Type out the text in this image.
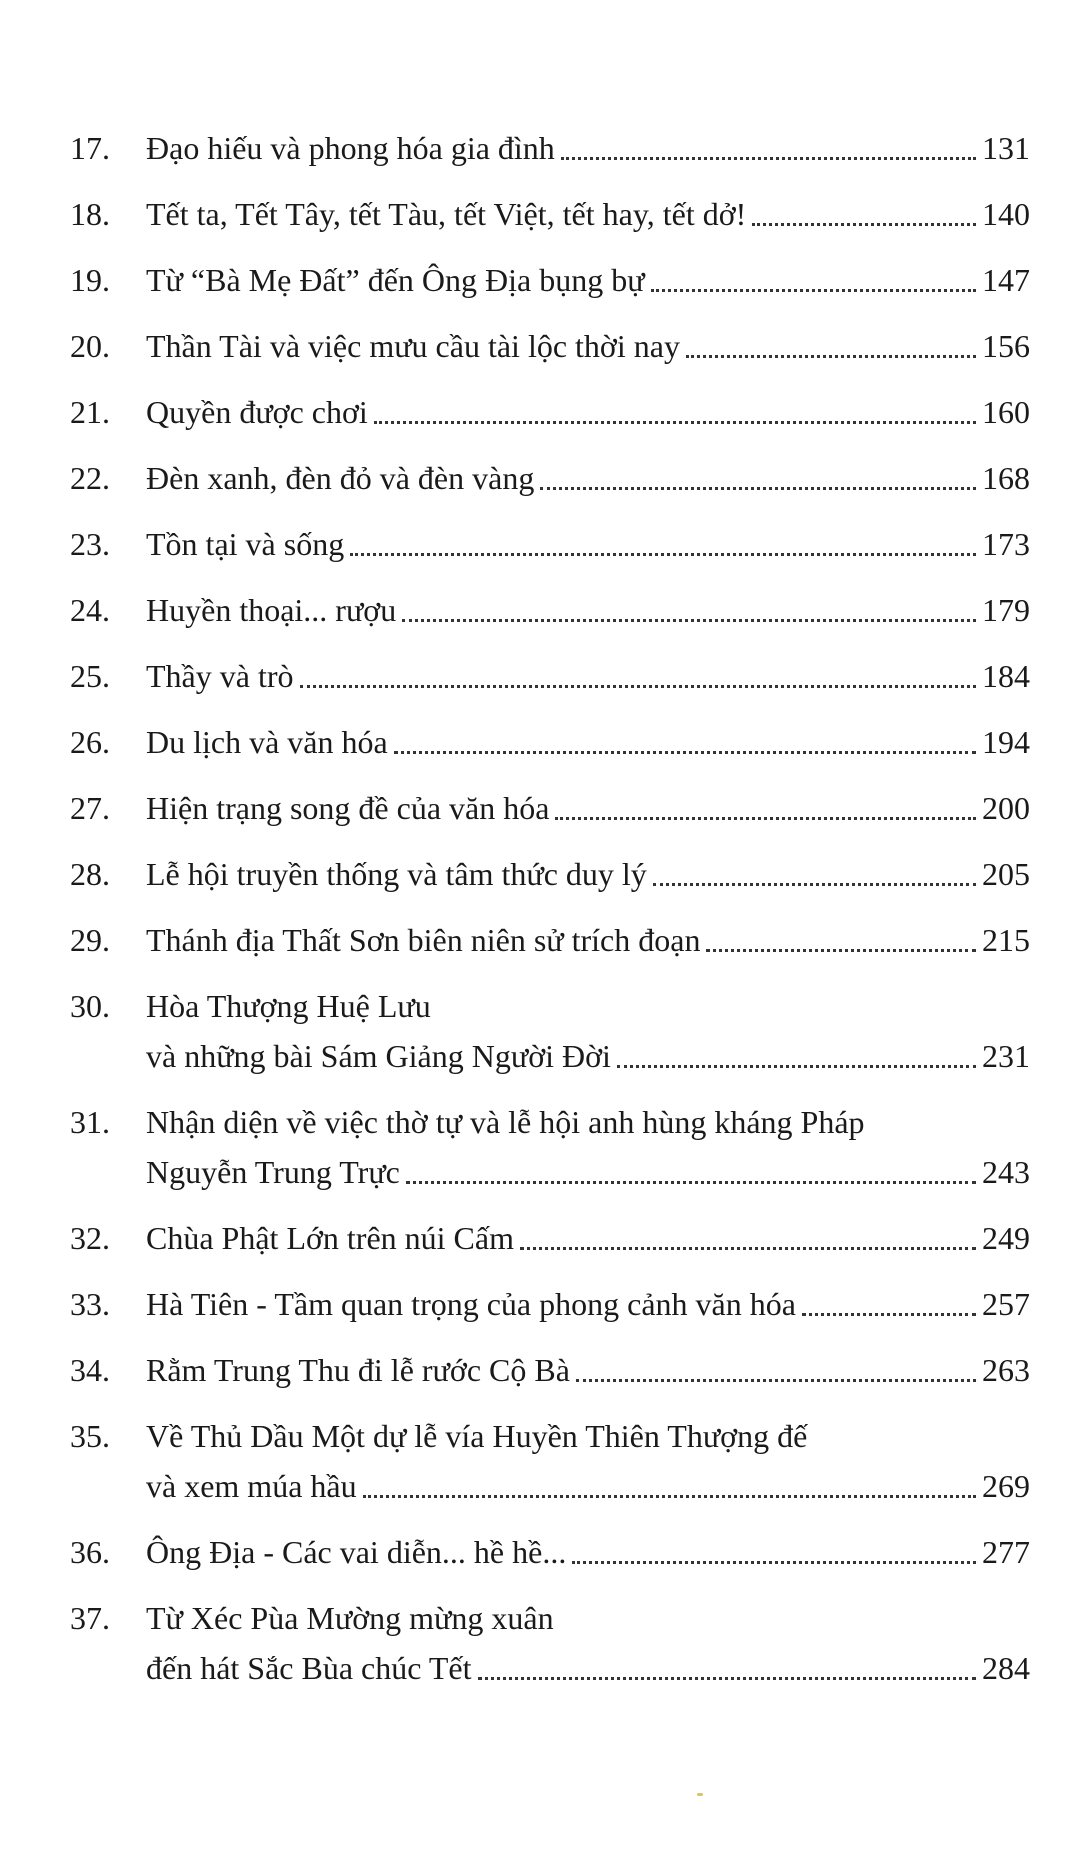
17.	Đạo hiếu và phong hóa gia đình	131
18.	Tết ta, Tết Tây, tết Tàu, tết Việt, tết hay, tết dở!	140
19.	Từ “Bà Mẹ Đất” đến Ông Địa bụng bự	147
20.	Thần Tài và việc mưu cầu tài lộc thời nay	156
21.	Quyền được chơi	160
22.	Đèn xanh, đèn đỏ và đèn vàng	168
23.	Tồn tại và sống	173
24.	Huyền thoại... rượu	179
25.	Thầy và trò	184
26.	Du lịch và văn hóa	194
27.	Hiện trạng song đề của văn hóa	200
28.	Lễ hội truyền thống và tâm thức duy lý	205
29.	Thánh địa Thất Sơn biên niên sử trích đoạn	215
30.	Hòa Thượng Huệ Lưu
và những bài Sám Giảng Người Đời	231
31.	Nhận diện về việc thờ tự và lễ hội anh hùng kháng Pháp
Nguyễn Trung Trực	243
32.	Chùa Phật Lớn trên núi Cấm	249
33.	Hà Tiên - Tầm quan trọng của phong cảnh văn hóa	257
34.	Rằm Trung Thu đi lễ rước Cộ Bà	263
35.	Về Thủ Dầu Một dự lễ vía Huyền Thiên Thượng đế
và xem múa hầu	269
36.	Ông Địa - Các vai diễn... hề hề...	277
37.	Từ Xéc Pùa Mường mừng xuân
đến hát Sắc Bùa chúc Tết	284
